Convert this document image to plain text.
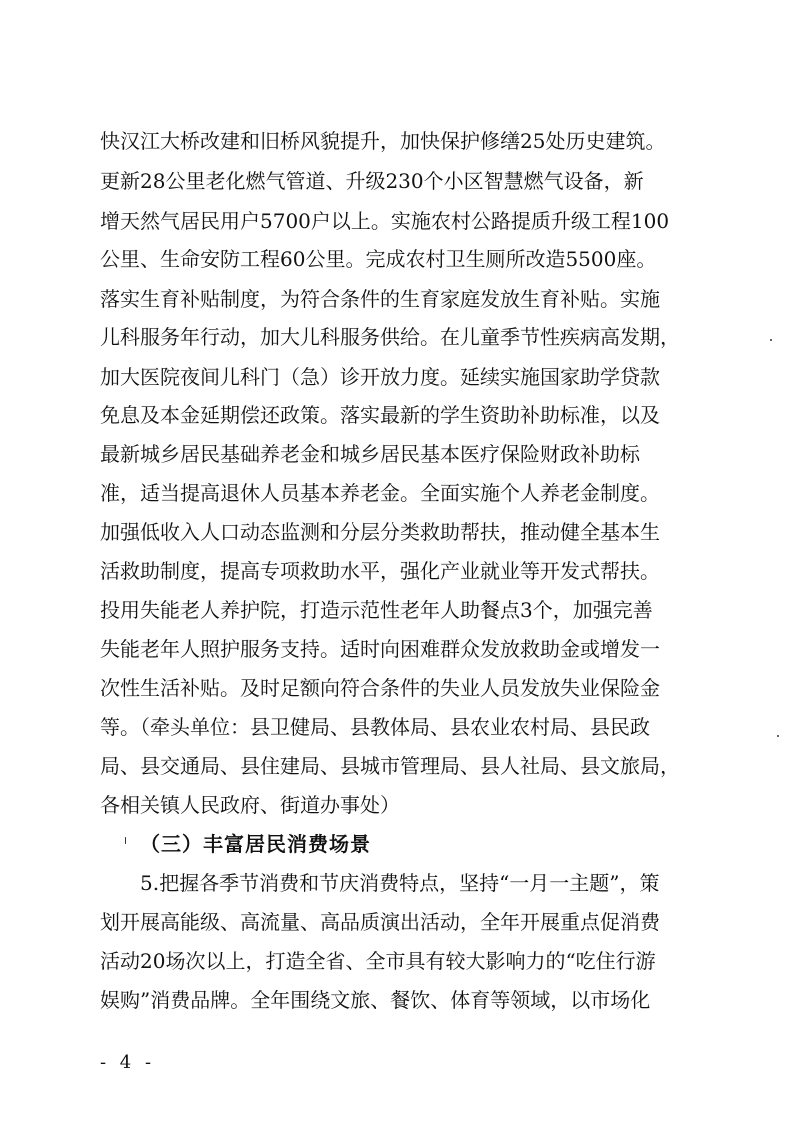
快汉江大桥改建和旧桥风貌提升，加快保护修缮25处历史建筑。
更新28公里老化燃气管道、升级230个小区智慧燃气设备，新
增天然气居民用户5700户以上。实施农村公路提质升级工程100
公里、生命安防工程60公里。完成农村卫生厕所改造5500座。
落实生育补贴制度，为符合条件的生育家庭发放生育补贴。实施
儿科服务年行动，加大儿科服务供给。在儿童季节性疾病高发期，
加大医院夜间儿科门（急）诊开放力度。延续实施国家助学贷款
免息及本金延期偿还政策。落实最新的学生资助补助标准，以及
最新城乡居民基础养老金和城乡居民基本医疗保险财政补助标
准，适当提高退休人员基本养老金。全面实施个人养老金制度。
加强低收入人口动态监测和分层分类救助帮扶，推动健全基本生
活救助制度，提高专项救助水平，强化产业就业等开发式帮扶。
投用失能老人养护院，打造示范性老年人助餐点3个，加强完善
失能老年人照护服务支持。适时向困难群众发放救助金或增发一
次性生活补贴。及时足额向符合条件的失业人员发放失业保险金
等。（牵头单位：县卫健局、县教体局、县农业农村局、县民政
局、县交通局、县住建局、县城市管理局、县人社局、县文旅局，
各相关镇人民政府、街道办事处）
（三）丰富居民消费场景
5.把握各季节消费和节庆消费特点，坚持“一月一主题”，策
划开展高能级、高流量、高品质演出活动，全年开展重点促消费
活动20场次以上，打造全省、全市具有较大影响力的“吃住行游
娱购”消费品牌。全年围绕文旅、餐饮、体育等领域，以市场化
- 4 -
